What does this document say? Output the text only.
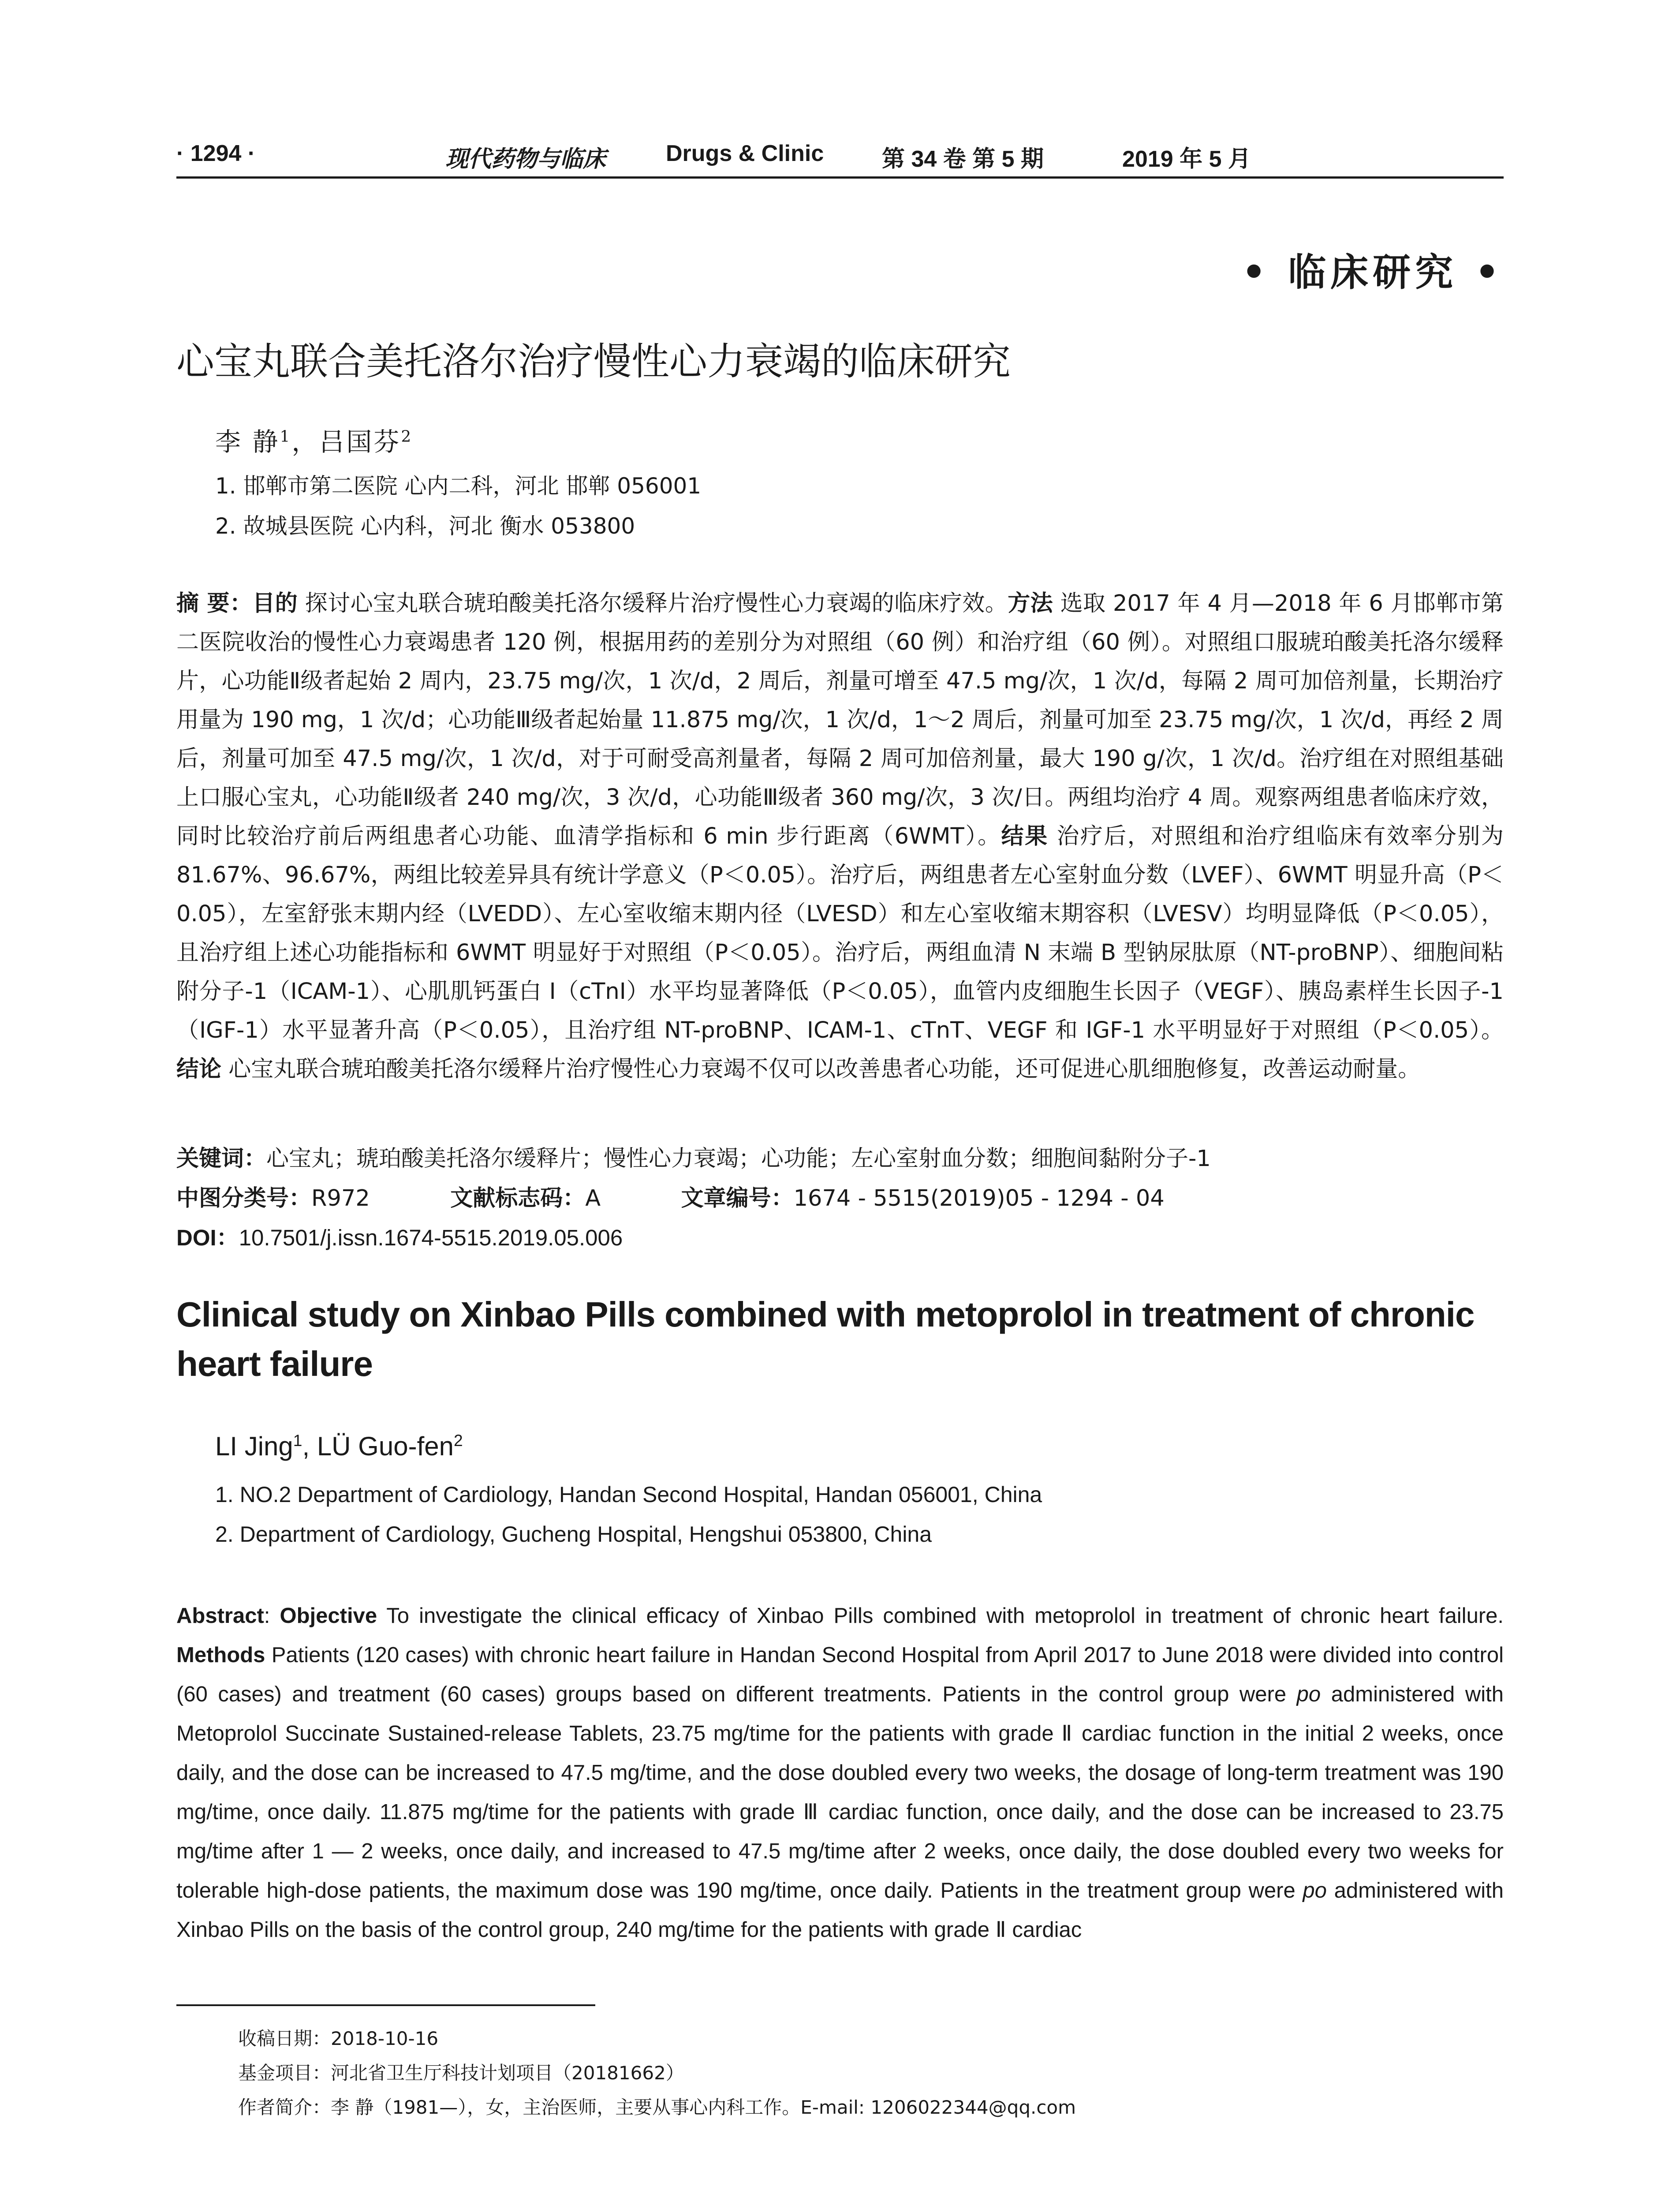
· 1294 ·	现代药物与临床	Drugs & Clinic	第 34 卷 第 5 期	2019 年 5 月
• 临床研究 •
心宝丸联合美托洛尔治疗慢性心力衰竭的临床研究
李 静$^1$，吕国芬$^2$
1. 邯郸市第二医院 心内二科，河北 邯郸 056001
2. 故城县医院 心内科，河北 衡水 053800
摘 要：目的 探讨心宝丸联合琥珀酸美托洛尔缓释片治疗慢性心力衰竭的临床疗效。方法 选取 2017 年 4 月—2018 年 6 月邯郸市第二医院收治的慢性心力衰竭患者 120 例，根据用药的差别分为对照组（60 例）和治疗组（60 例）。对照组口服琥珀酸美托洛尔缓释片，心功能Ⅱ级者起始 2 周内，23.75 mg/次，1 次/d，2 周后，剂量可增至 47.5 mg/次，1 次/d，每隔 2 周可加倍剂量，长期治疗用量为 190 mg，1 次/d；心功能Ⅲ级者起始量 11.875 mg/次，1 次/d，1～2 周后，剂量可加至 23.75 mg/次，1 次/d，再经 2 周后，剂量可加至 47.5 mg/次，1 次/d，对于可耐受高剂量者，每隔 2 周可加倍剂量，最大 190 g/次，1 次/d。治疗组在对照组基础上口服心宝丸，心功能Ⅱ级者 240 mg/次，3 次/d，心功能Ⅲ级者 360 mg/次，3 次/日。两组均治疗 4 周。观察两组患者临床疗效，同时比较治疗前后两组患者心功能、血清学指标和 6 min 步行距离（6WMT）。结果 治疗后，对照组和治疗组临床有效率分别为 81.67%、96.67%，两组比较差异具有统计学意义（P＜0.05）。治疗后，两组患者左心室射血分数（LVEF）、6WMT 明显升高（P＜0.05），左室舒张末期内经（LVEDD）、左心室收缩末期内径（LVESD）和左心室收缩末期容积（LVESV）均明显降低（P＜0.05），且治疗组上述心功能指标和 6WMT 明显好于对照组（P＜0.05）。治疗后，两组血清 N 末端 B 型钠尿肽原（NT-proBNP）、细胞间粘附分子-1（ICAM-1）、心肌肌钙蛋白 I（cTnI）水平均显著降低（P＜0.05），血管内皮细胞生长因子（VEGF）、胰岛素样生长因子-1（IGF-1）水平显著升高（P＜0.05），且治疗组 NT-proBNP、ICAM-1、cTnT、VEGF 和 IGF-1 水平明显好于对照组（P＜0.05）。结论 心宝丸联合琥珀酸美托洛尔缓释片治疗慢性心力衰竭不仅可以改善患者心功能，还可促进心肌细胞修复，改善运动耐量。
关键词：心宝丸；琥珀酸美托洛尔缓释片；慢性心力衰竭；心功能；左心室射血分数；细胞间黏附分子-1
中图分类号：R972	文献标志码：A	文章编号：1674 - 5515(2019)05 - 1294 - 04
DOI：10.7501/j.issn.1674-5515.2019.05.006
Clinical study on Xinbao Pills combined with metoprolol in treatment of chronic heart failure
LI Jing$^1$, LÜ Guo-fen$^2$
1. NO.2 Department of Cardiology, Handan Second Hospital, Handan 056001, China
2. Department of Cardiology, Gucheng Hospital, Hengshui 053800, China
Abstract: Objective To investigate the clinical efficacy of Xinbao Pills combined with metoprolol in treatment of chronic heart failure. Methods Patients (120 cases) with chronic heart failure in Handan Second Hospital from April 2017 to June 2018 were divided into control (60 cases) and treatment (60 cases) groups based on different treatments. Patients in the control group were po administered with Metoprolol Succinate Sustained-release Tablets, 23.75 mg/time for the patients with grade Ⅱ cardiac function in the initial 2 weeks, once daily, and the dose can be increased to 47.5 mg/time, and the dose doubled every two weeks, the dosage of long-term treatment was 190 mg/time, once daily. 11.875 mg/time for the patients with grade Ⅲ cardiac function, once daily, and the dose can be increased to 23.75 mg/time after 1 — 2 weeks, once daily, and increased to 47.5 mg/time after 2 weeks, once daily, the dose doubled every two weeks for tolerable high-dose patients, the maximum dose was 190 mg/time, once daily. Patients in the treatment group were po administered with Xinbao Pills on the basis of the control group, 240 mg/time for the patients with grade Ⅱ cardiac
收稿日期：2018-10-16
基金项目：河北省卫生厅科技计划项目（20181662）
作者简介：李 静（1981—），女，主治医师，主要从事心内科工作。E-mail: 1206022344@qq.com
